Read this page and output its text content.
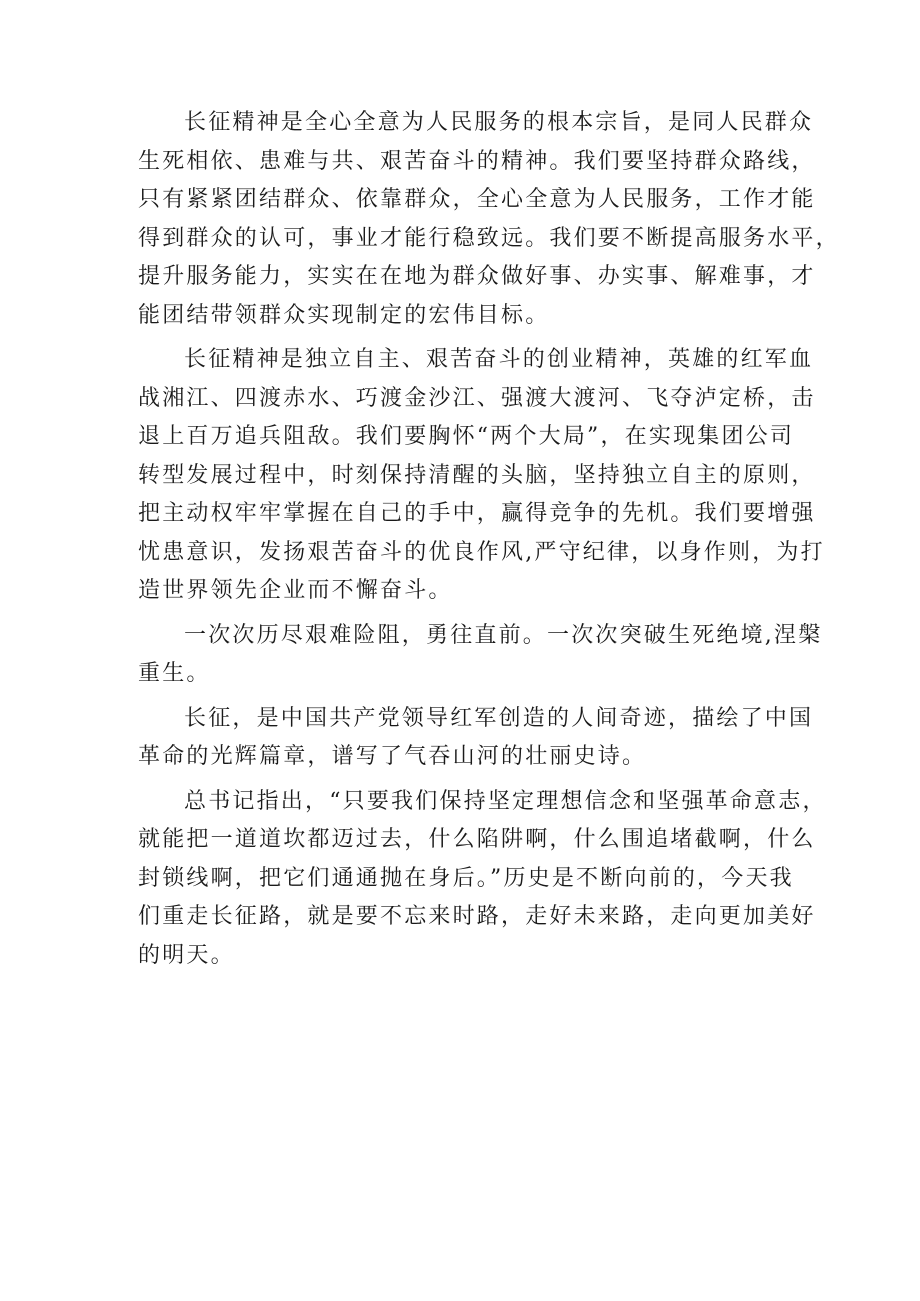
长征精神是全心全意为人民服务的根本宗旨，是同人民群众
生死相依、患难与共、艰苦奋斗的精神。我们要坚持群众路线，
只有紧紧团结群众、依靠群众，全心全意为人民服务，工作才能
得到群众的认可，事业才能行稳致远。我们要不断提高服务水平，
提升服务能力，实实在在地为群众做好事、办实事、解难事，才
能团结带领群众实现制定的宏伟目标。
长征精神是独立自主、艰苦奋斗的创业精神，英雄的红军血
战湘江、四渡赤水、巧渡金沙江、强渡大渡河、飞夺泸定桥，击
退上百万追兵阻敌。我们要胸怀“两个大局”，在实现集团公司
转型发展过程中，时刻保持清醒的头脑，坚持独立自主的原则，
把主动权牢牢掌握在自己的手中，赢得竞争的先机。我们要增强
忧患意识，发扬艰苦奋斗的优良作风,严守纪律，以身作则，为打
造世界领先企业而不懈奋斗。
一次次历尽艰难险阻，勇往直前。一次次突破生死绝境,涅槃
重生。
长征，是中国共产党领导红军创造的人间奇迹，描绘了中国
革命的光辉篇章，谱写了气吞山河的壮丽史诗。
总书记指出，“只要我们保持坚定理想信念和坚强革命意志，
就能把一道道坎都迈过去，什么陷阱啊，什么围追堵截啊，什么
封锁线啊，把它们通通抛在身后。”历史是不断向前的，今天我
们重走长征路，就是要不忘来时路，走好未来路，走向更加美好
的明天。
